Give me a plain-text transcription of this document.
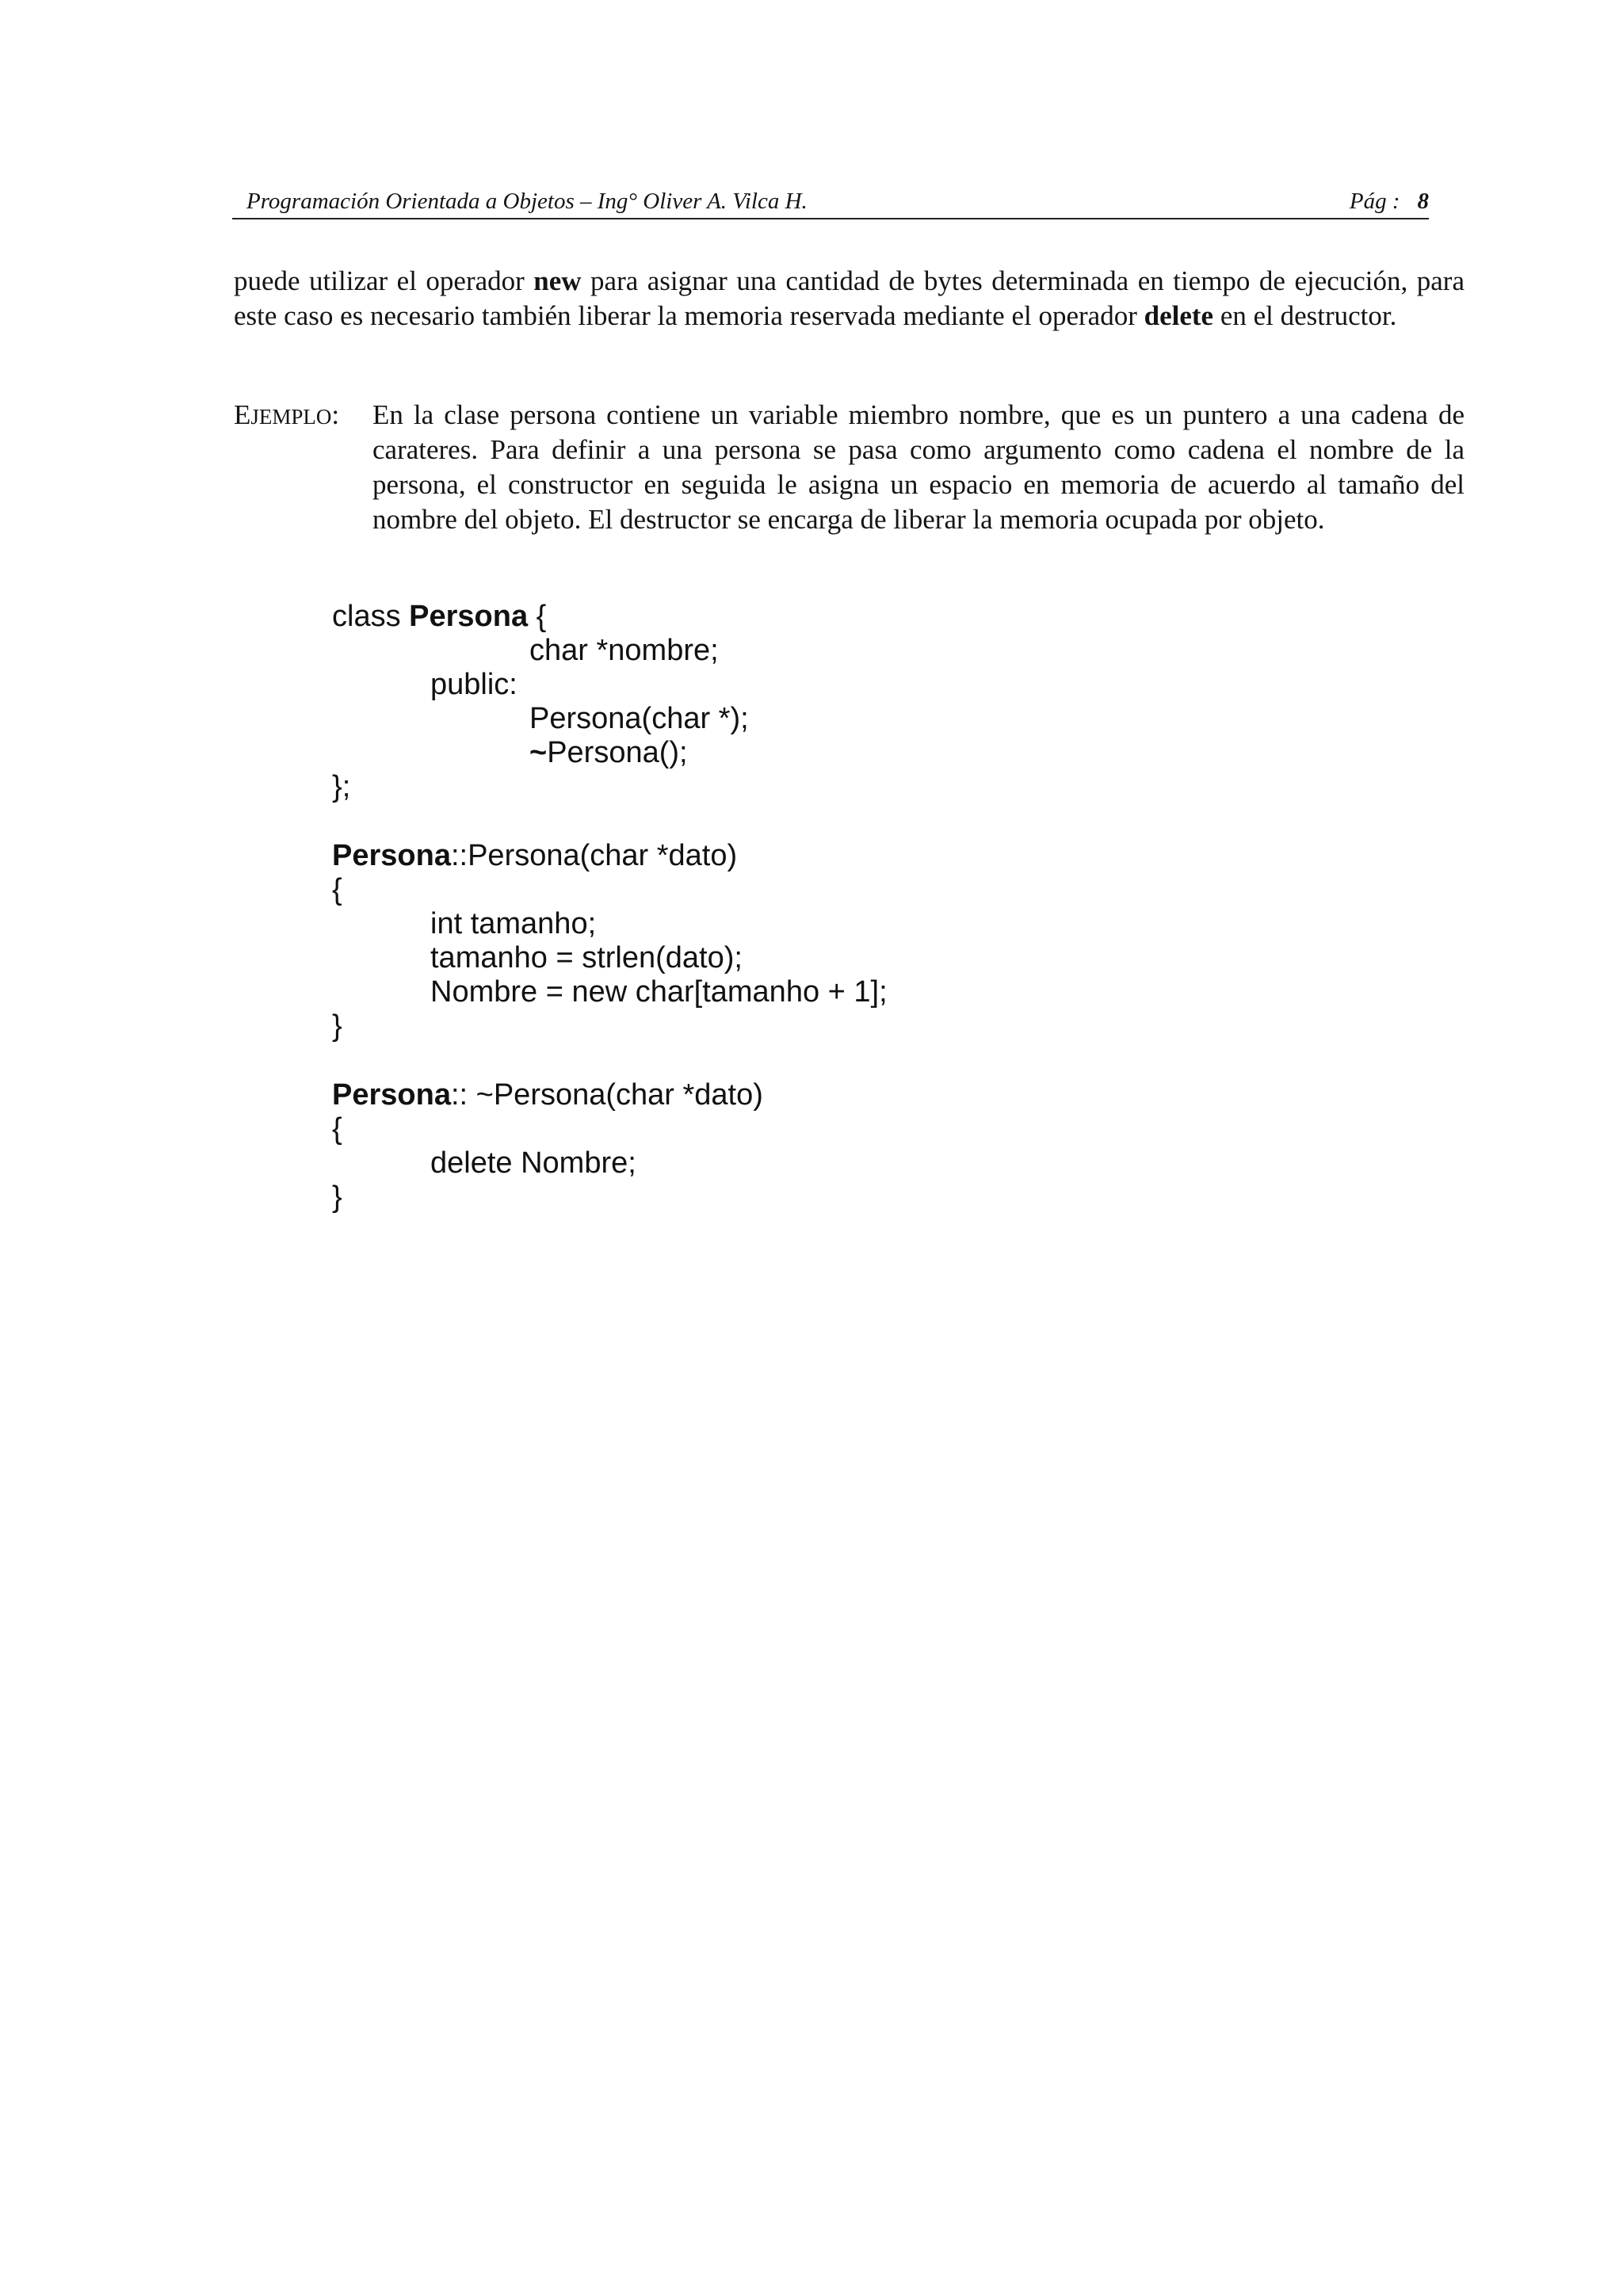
Programación Orientada a Objetos – Ing° Oliver A. Vilca H.	Pág : 8

puede utilizar el operador new para asignar una cantidad de bytes determinada en tiempo de ejecución, para este caso es necesario también liberar la memoria reservada mediante el operador delete en el destructor.

EJEMPLO: En la clase persona contiene un variable miembro nombre, que es un puntero a una cadena de carateres. Para definir a una persona se pasa como argumento como cadena el nombre de la persona, el constructor en seguida le asigna un espacio en memoria de acuerdo al tamaño del nombre del objeto. El destructor se encarga de liberar la memoria ocupada por objeto.

class Persona {
char *nombre;
public:
Persona(char *);
~Persona();
};
Persona::Persona(char *dato)
{
int tamanho;
tamanho = strlen(dato);
Nombre = new char[tamanho + 1];
}
Persona:: ~Persona(char *dato)
{
delete Nombre;
}
